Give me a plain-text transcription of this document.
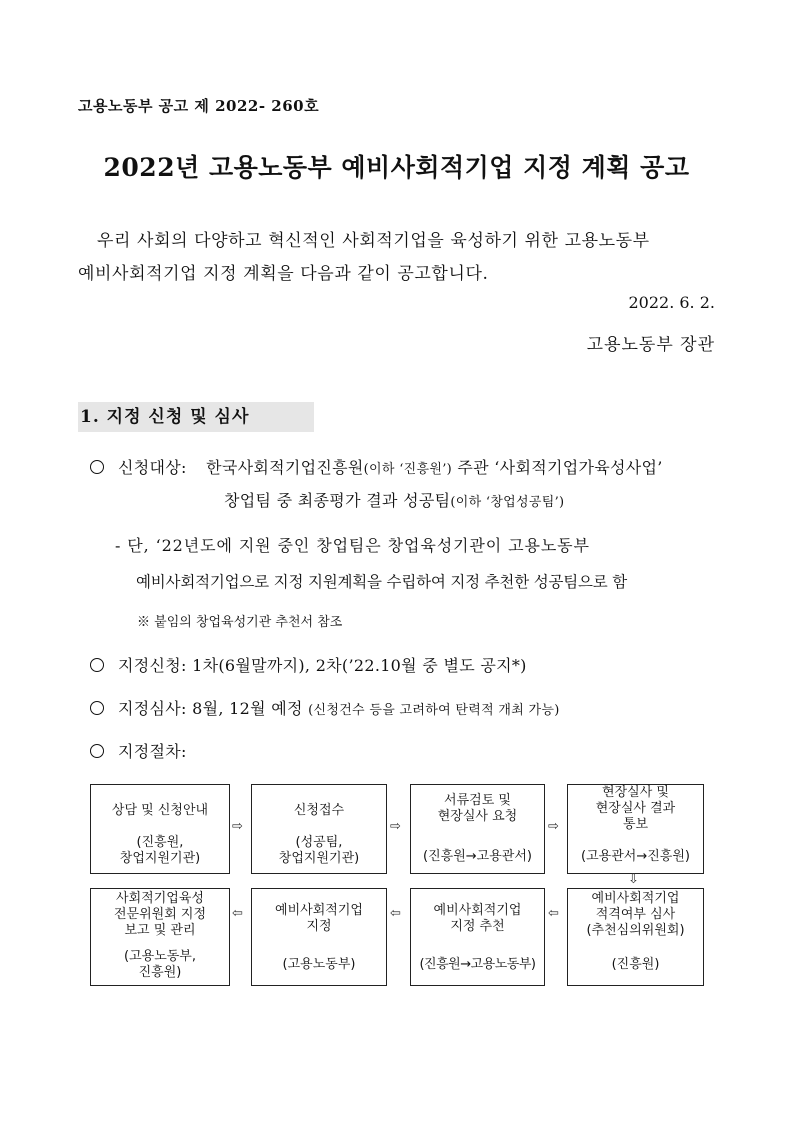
고용노동부 공고 제 2022- 260호
2022년 고용노동부 예비사회적기업 지정 계획 공고
우리 사회의 다양하고 혁신적인 사회적기업을 육성하기 위한 고용노동부
예비사회적기업 지정 계획을 다음과 같이 공고합니다.
2022. 6. 2.
고용노동부 장관
1. 지정 신청 및 심사
신청대상: 한국사회적기업진흥원(이하 ‘진흥원’) 주관 ‘사회적기업가육성사업’
창업팀 중 최종평가 결과 성공팀(이하 ‘창업성공팀’)
- 단, ‘22년도에 지원 중인 창업팀은 창업육성기관이 고용노동부
예비사회적기업으로 지정 지원계획을 수립하여 지정 추천한 성공팀으로 함
※ 붙임의 창업육성기관 추천서 참조
지정신청: 1차(6월말까지), 2차(’22.10월 중 별도 공지*)
지정심사: 8월, 12월 예정 (신청건수 등을 고려하여 탄력적 개최 가능)
지정절차:
상담 및 신청안내
(진흥원,
창업지원기관)
⇨
신청접수
(성공팀,
창업지원기관)
⇨
서류검토 및
현장실사 요청
(진흥원→고용관서)
⇨
현장실사 및
현장실사 결과
통보
(고용관서→진흥원)
⇩
사회적기업육성
전문위원회 지정
보고 및 관리
(고용노동부,
진흥원)
⇦	예비사회적기업
지정
(고용노동부)
⇦	예비사회적기업
지정 추천
(진흥원→고용노동부)
⇦
예비사회적기업
적격여부 심사
(추천심의위원회)
(진흥원)
